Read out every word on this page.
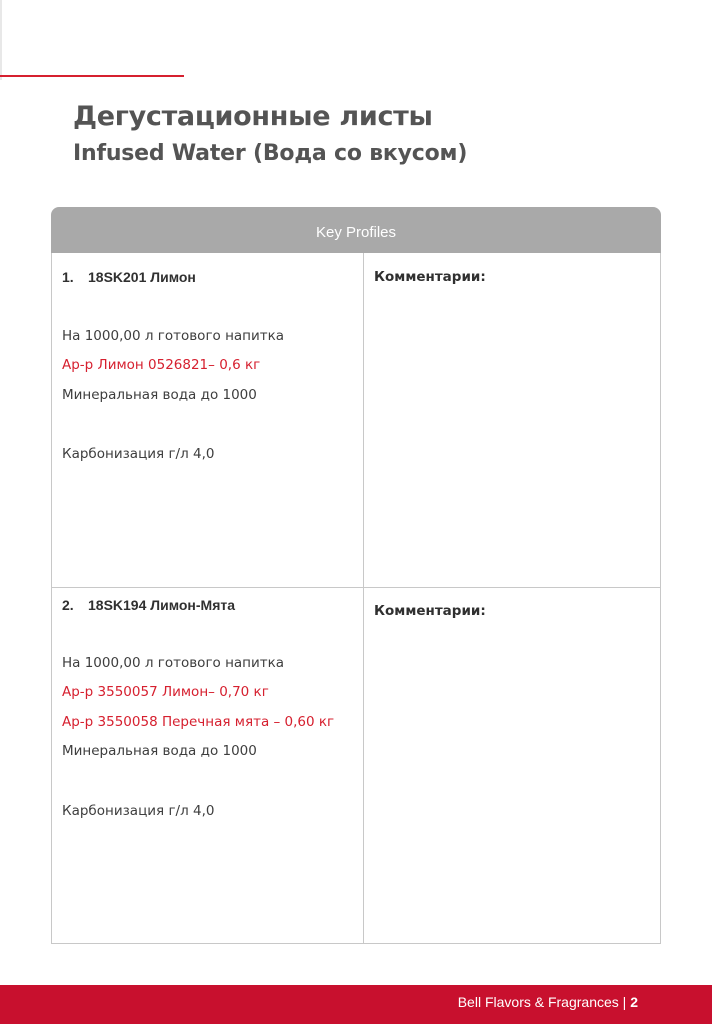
Дегустационные листы
Infused Water (Вода со вкусом)
Key Profiles
1. 18SK201 Лимон
На 1000,00 л готового напитка
Ар-р Лимон 0526821– 0,6 кг
Минеральная вода до 1000
Карбонизация г/л 4,0
Комментарии:
2. 18SK194 Лимон-Мята
На 1000,00 л готового напитка
Ар-р 3550057 Лимон– 0,70 кг
Ар-р 3550058 Перечная мята – 0,60 кг
Минеральная вода до 1000
Карбонизация г/л 4,0
Комментарии:
Bell Flavors & Fragrances | 2
